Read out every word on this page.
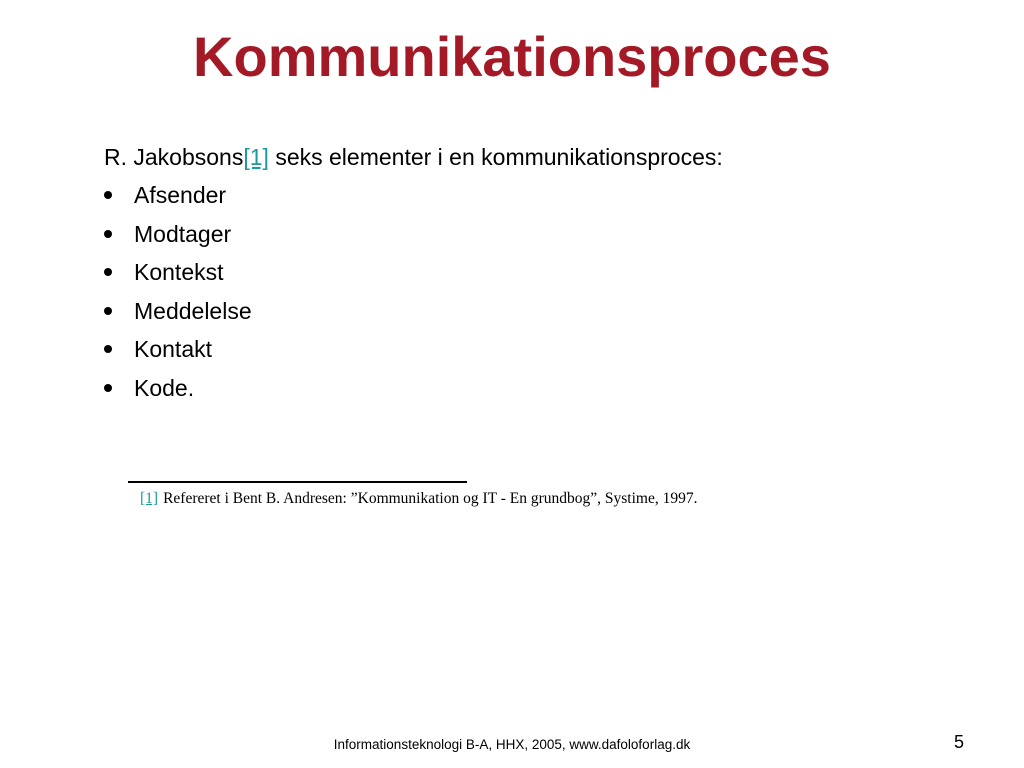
Kommunikationsproces
R. Jakobsons[1] seks elementer i en kommunikationsproces:
Afsender
Modtager
Kontekst
Meddelelse
Kontakt
Kode.
[1] Refereret i Bent B. Andresen: ”Kommunikation og IT - En grundbog”, Systime, 1997.
Informationsteknologi B-A, HHX, 2005, www.dafoloforlag.dk	5
